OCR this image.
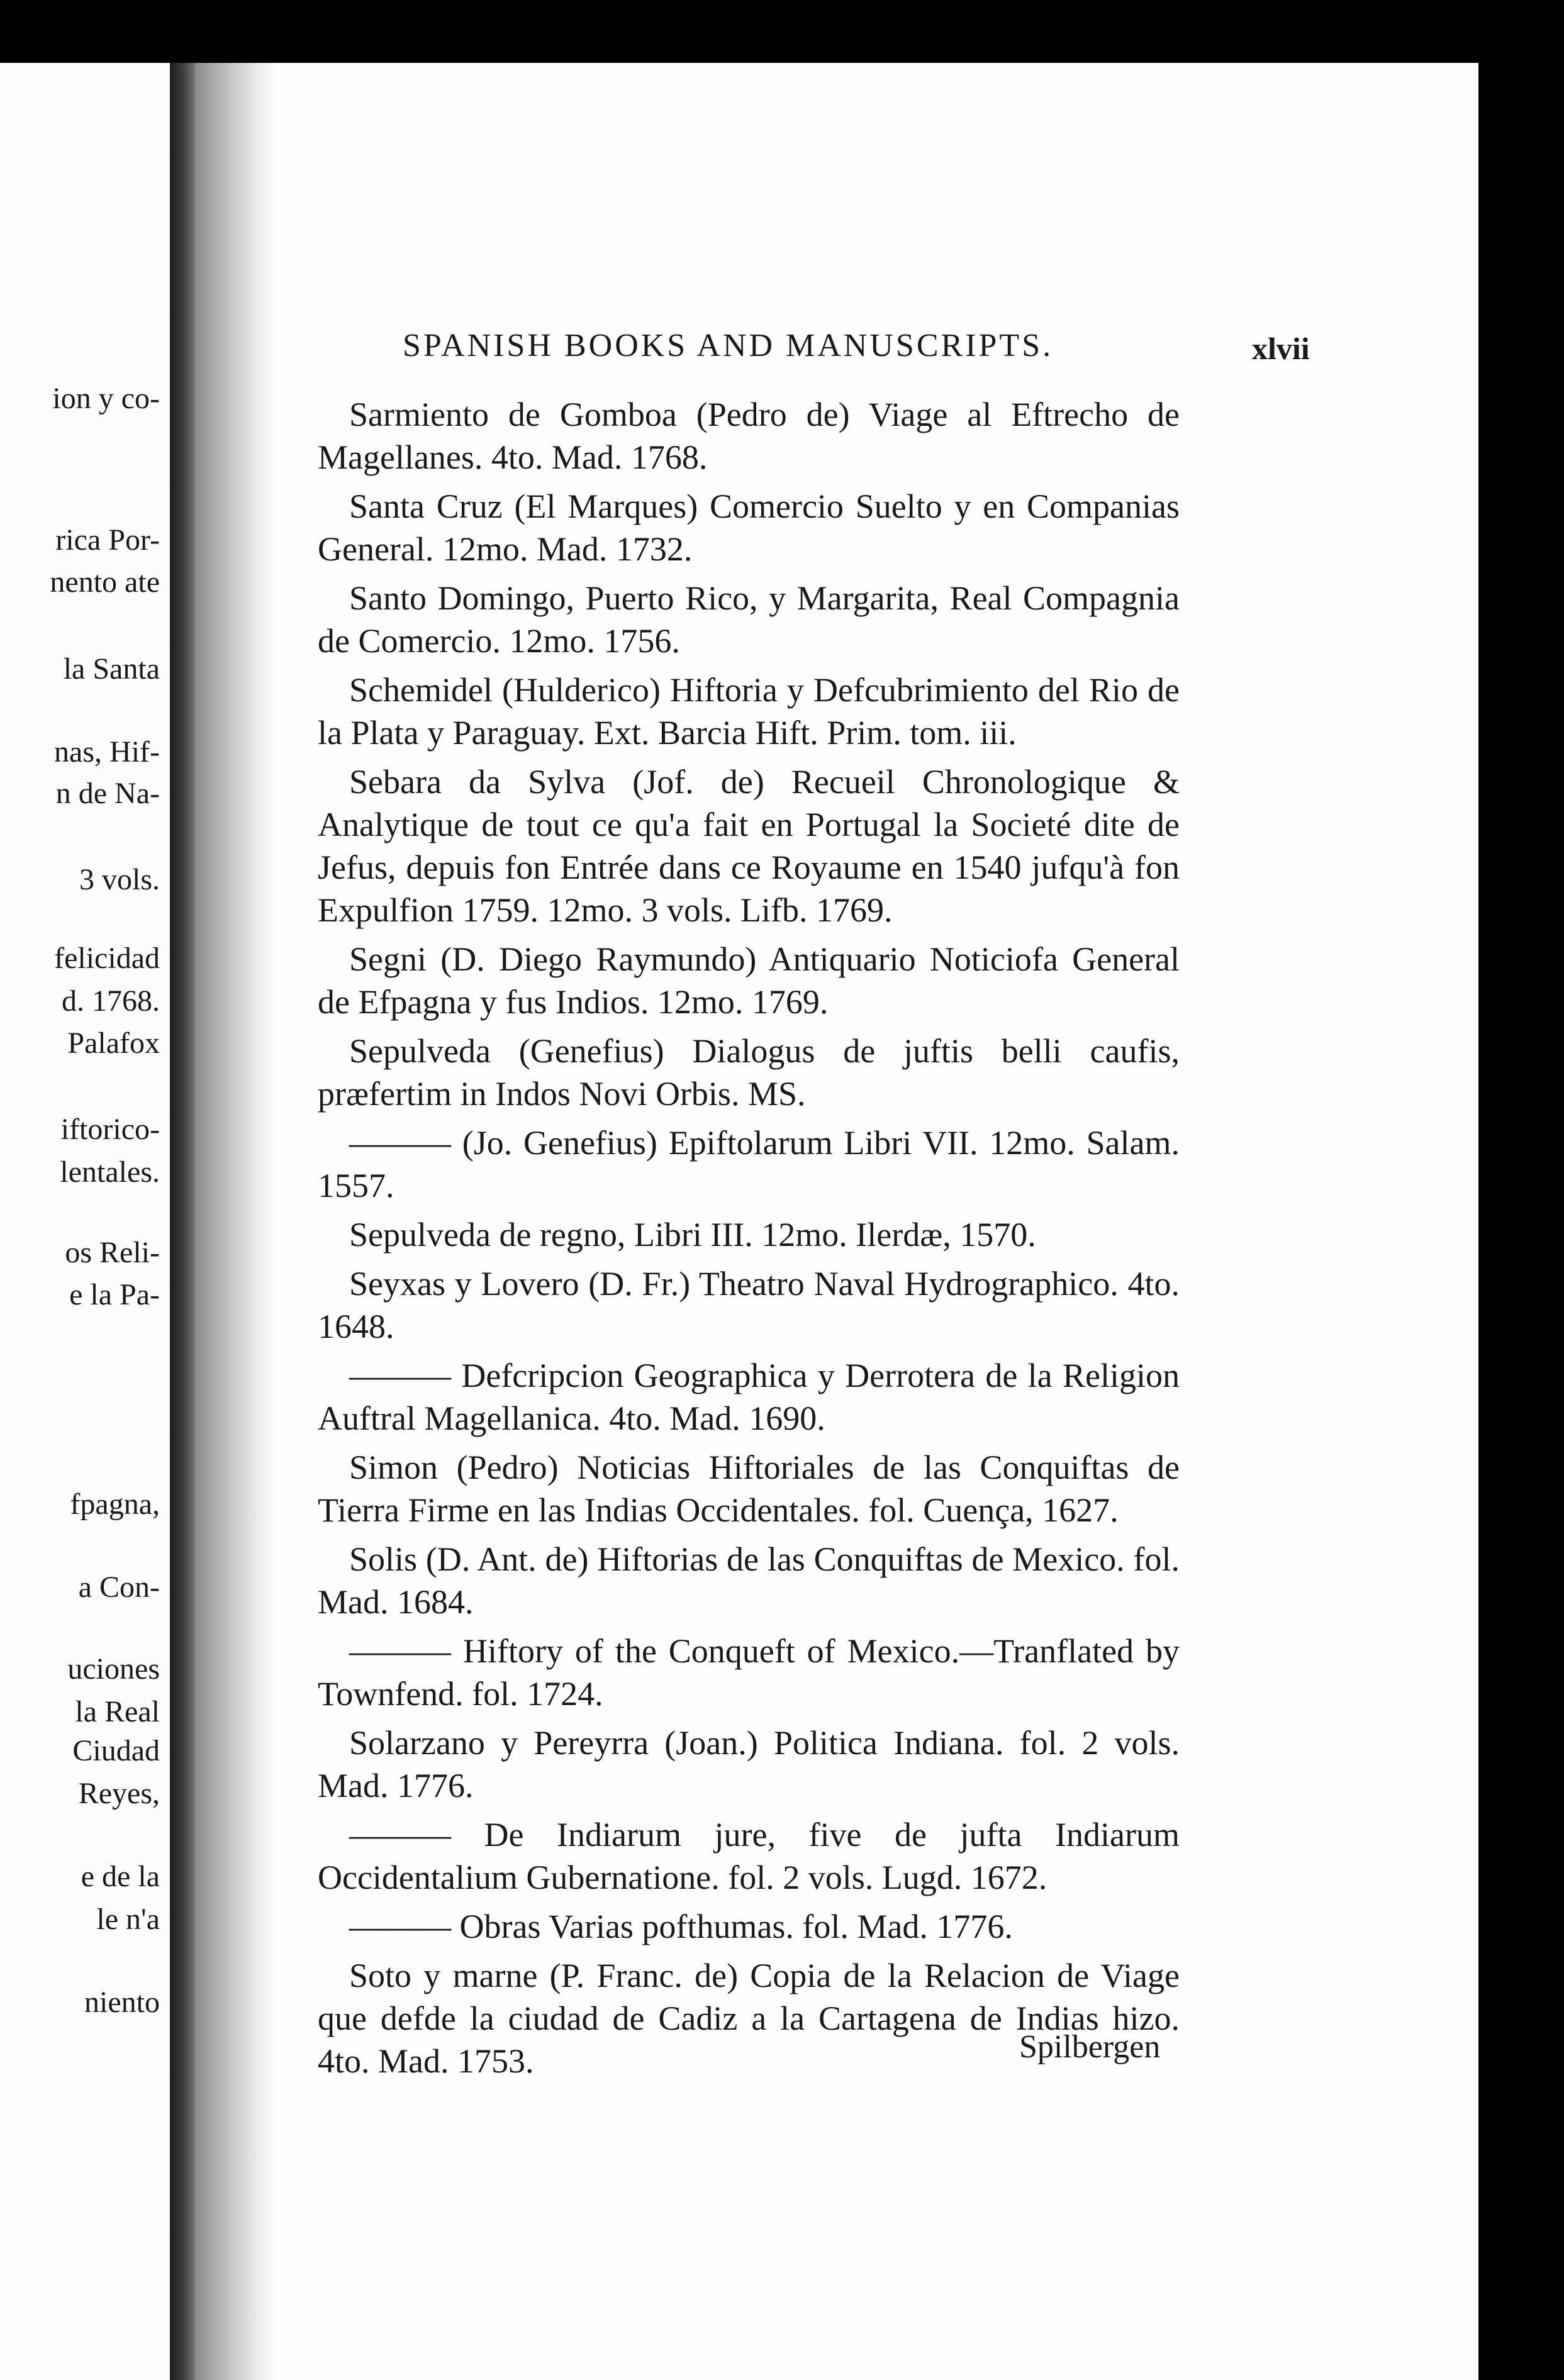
ion y co-
rica Por-
nento ate
la Santa
nas, Hif-
n de Na-
3 vols.
felicidad
d. 1768.
Palafox
iftorico-
lentales.
os Reli-
e la Pa-
fpagna,
a Con-
uciones
la Real
Ciudad
Reyes,
e de la
le n'a
niento
SPANISH BOOKS AND MANUSCRIPTS.	xlvii

Sarmiento de Gomboa (Pedro de) Viage al Eftrecho de Magellanes. 4to. Mad. 1768.

Santa Cruz (El Marques) Comercio Suelto y en Companias General. 12mo. Mad. 1732.

Santo Domingo, Puerto Rico, y Margarita, Real Compagnia de Comercio. 12mo. 1756.

Schemidel (Hulderico) Hiftoria y Defcubrimiento del Rio de la Plata y Paraguay. Ext. Barcia Hift. Prim. tom. iii.

Sebara da Sylva (Jof. de) Recueil Chronologique & Analytique de tout ce qu'a fait en Portugal la Societé dite de Jefus, depuis fon Entrée dans ce Royaume en 1540 jufqu'à fon Expulfion 1759. 12mo. 3 vols. Lifb. 1769.

Segni (D. Diego Raymundo) Antiquario Noticiofa General de Efpagna y fus Indios. 12mo. 1769.

Sepulveda (Genefius) Dialogus de juftis belli caufis, præfertim in Indos Novi Orbis. MS.

——— (Jo. Genefius) Epiftolarum Libri VII. 12mo. Salam. 1557.

Sepulveda de regno, Libri III. 12mo. Ilerdæ, 1570.

Seyxas y Lovero (D. Fr.) Theatro Naval Hydrographico. 4to. 1648.

——— Defcripcion Geographica y Derrotera de la Religion Auftral Magellanica. 4to. Mad. 1690.

Simon (Pedro) Noticias Hiftoriales de las Conquiftas de Tierra Firme en las Indias Occidentales. fol. Cuença, 1627.

Solis (D. Ant. de) Hiftorias de las Conquiftas de Mexico. fol. Mad. 1684.

——— Hiftory of the Conqueft of Mexico.—Tranflated by Townfend. fol. 1724.

Solarzano y Pereyrra (Joan.) Politica Indiana. fol. 2 vols. Mad. 1776.

——— De Indiarum jure, five de jufta Indiarum Occidentalium Gubernatione. fol. 2 vols. Lugd. 1672.

——— Obras Varias pofthumas. fol. Mad. 1776.

Soto y marne (P. Franc. de) Copia de la Relacion de Viage que defde la ciudad de Cadiz a la Cartagena de Indias hizo. 4to. Mad. 1753.	Spilbergen
